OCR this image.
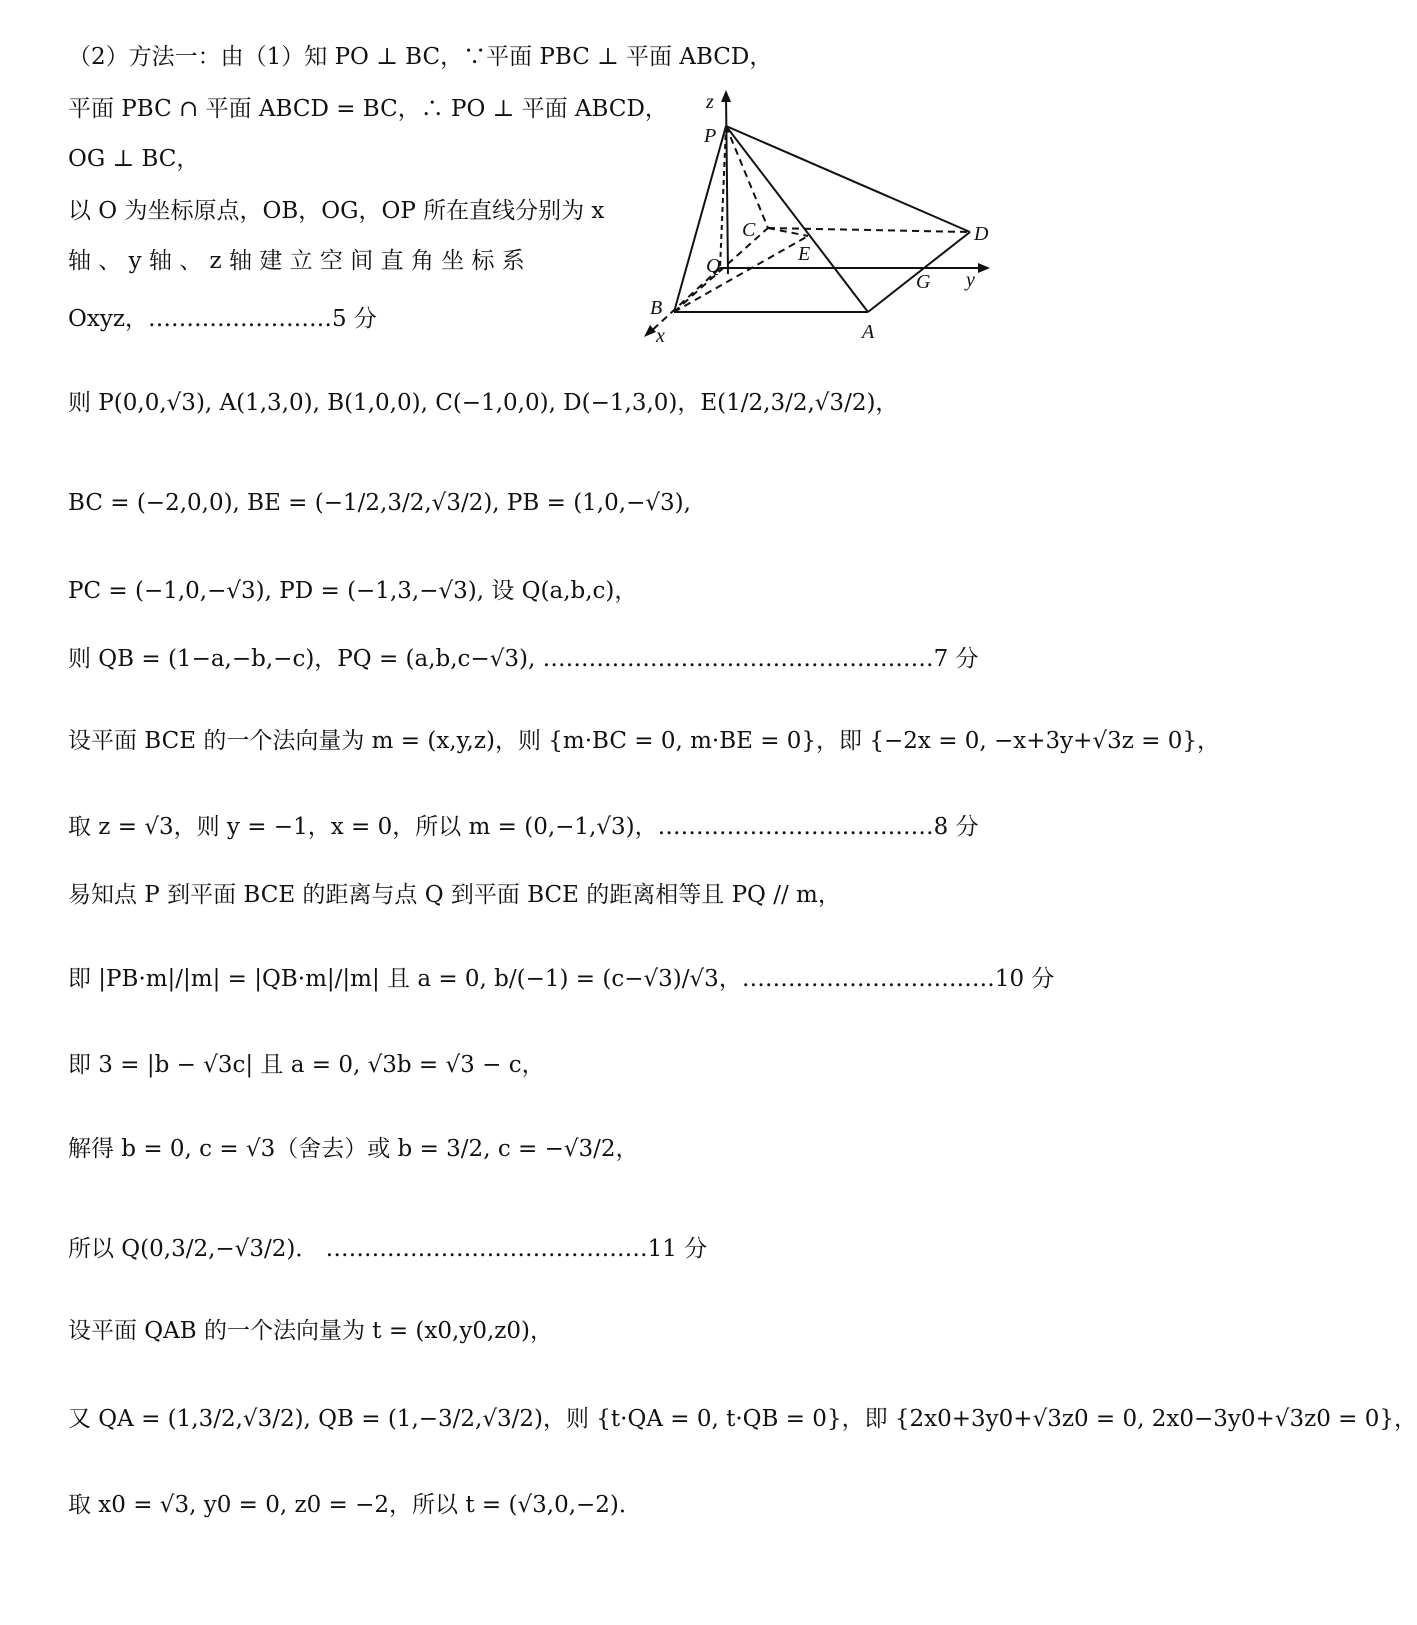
（2）方法一：由（1）知 PO ⊥ BC，∵平面 PBC ⊥ 平面 ABCD，
平面 PBC ∩ 平面 ABCD = BC，∴ PO ⊥ 平面 ABCD，
OG ⊥ BC，
以 O 为坐标原点，OB，OG，OP 所在直线分别为 x
轴 、 y 轴 、 z 轴 建 立 空 间 直 角 坐 标 系
Oxyz，……………………5 分
z
P
C	D
E
Q
G y
B
x	A
则 P(0,0,√3), A(1,3,0), B(1,0,0), C(−1,0,0), D(−1,3,0)，E(1/2,3/2,√3/2)，
BC = (−2,0,0), BE = (−1/2,3/2,√3/2), PB = (1,0,−√3),
PC = (−1,0,−√3), PD = (−1,3,−√3), 设 Q(a,b,c)，
则 QB = (1−a,−b,−c)，PQ = (a,b,c−√3), ……………………………………………7 分
设平面 BCE 的一个法向量为 m = (x,y,z)，则 {m·BC = 0, m·BE = 0}，即 {−2x = 0, −x+3y+√3z = 0}，
取 z = √3，则 y = −1，x = 0，所以 m = (0,−1,√3)，………………………………8 分
易知点 P 到平面 BCE 的距离与点 Q 到平面 BCE 的距离相等且 PQ // m，
即 |PB·m|/|m| = |QB·m|/|m| 且 a = 0, b/(−1) = (c−√3)/√3，……………………………10 分
即 3 = |b − √3c| 且 a = 0, √3b = √3 − c，
解得 b = 0, c = √3（舍去）或 b = 3/2, c = −√3/2，
所以 Q(0,3/2,−√3/2)． ……………………………………11 分
设平面 QAB 的一个法向量为 t = (x0,y0,z0)，
又 QA = (1,3/2,√3/2), QB = (1,−3/2,√3/2)，则 {t·QA = 0, t·QB = 0}，即 {2x0+3y0+√3z0 = 0, 2x0−3y0+√3z0 = 0}，
取 x0 = √3, y0 = 0, z0 = −2，所以 t = (√3,0,−2)．
